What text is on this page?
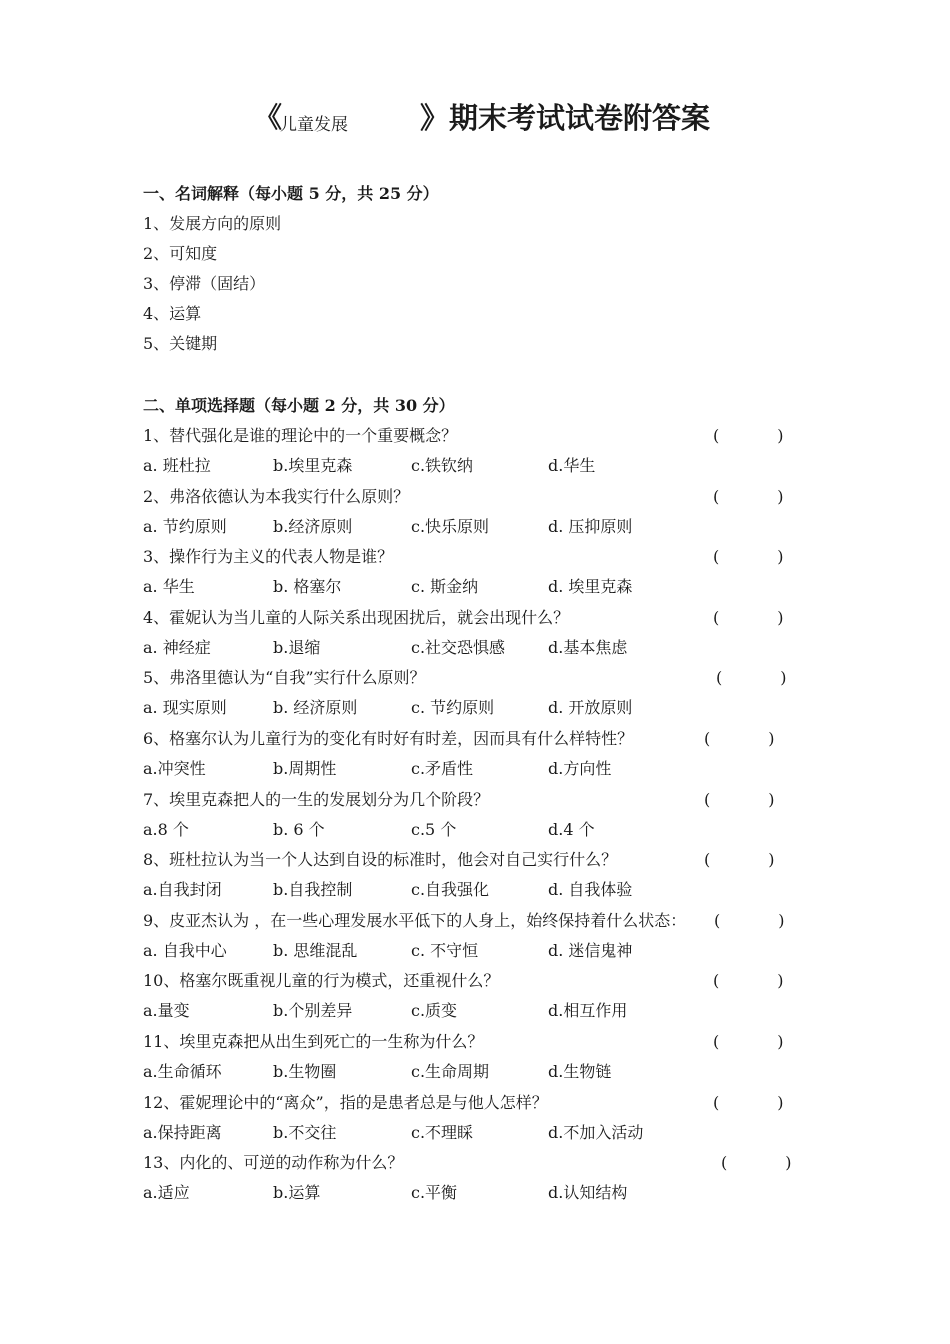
《
儿童发展 》期末考试试卷附答案
一、名词解释（每小题 5 分，共 25 分）
1、发展方向的原则
2、可知度
3、停滞（固结）
4、运算
5、关键期
二、单项选择题（每小题 2 分，共 30 分）
1、替代强化是谁的理论中的一个重要概念？	(	)
a. 班杜拉	b.埃里克森	c.铁钦纳	d.华生
2、弗洛依德认为本我实行什么原则？	(	)
a. 节约原则	b.经济原则	c.快乐原则	d. 压抑原则
3、操作行为主义的代表人物是谁？	(	)
a. 华生	b. 格塞尔	c. 斯金纳	d. 埃里克森
4、霍妮认为当儿童的人际关系出现困扰后，就会出现什么？	(	)
a. 神经症	b.退缩	c.社交恐惧感	d.基本焦虑
5、弗洛里德认为“自我”实行什么原则？	(	)
a. 现实原则	b. 经济原则	c. 节约原则	d. 开放原则
6、格塞尔认为儿童行为的变化有时好有时差，因而具有什么样特性？	(	)
a.冲突性	b.周期性	c.矛盾性	d.方向性
7、埃里克森把人的一生的发展划分为几个阶段？	(	)
a.8 个	b. 6 个	c.5 个	d.4 个
8、班杜拉认为当一个人达到自设的标准时，他会对自己实行什么？	(	)
a.自我封闭	b.自我控制	c.自我强化	d. 自我体验
9、皮亚杰认为 ，在一些心理发展水平低下的人身上，始终保持着什么状态： (	)
a. 自我中心	b. 思维混乱	c. 不守恒	d. 迷信鬼神
10、格塞尔既重视儿童的行为模式，还重视什么？	(	)
a.量变	b.个别差异	c.质变	d.相互作用
11、埃里克森把从出生到死亡的一生称为什么？	(	)
a.生命循环	b.生物圈	c.生命周期	d.生物链
12、霍妮理论中的“离众”，指的是患者总是与他人怎样？	(	)
a.保持距离	b.不交往	c.不理睬	d.不加入活动
13、内化的、可逆的动作称为什么？	(	)
a.适应	b.运算	c.平衡	d.认知结构
